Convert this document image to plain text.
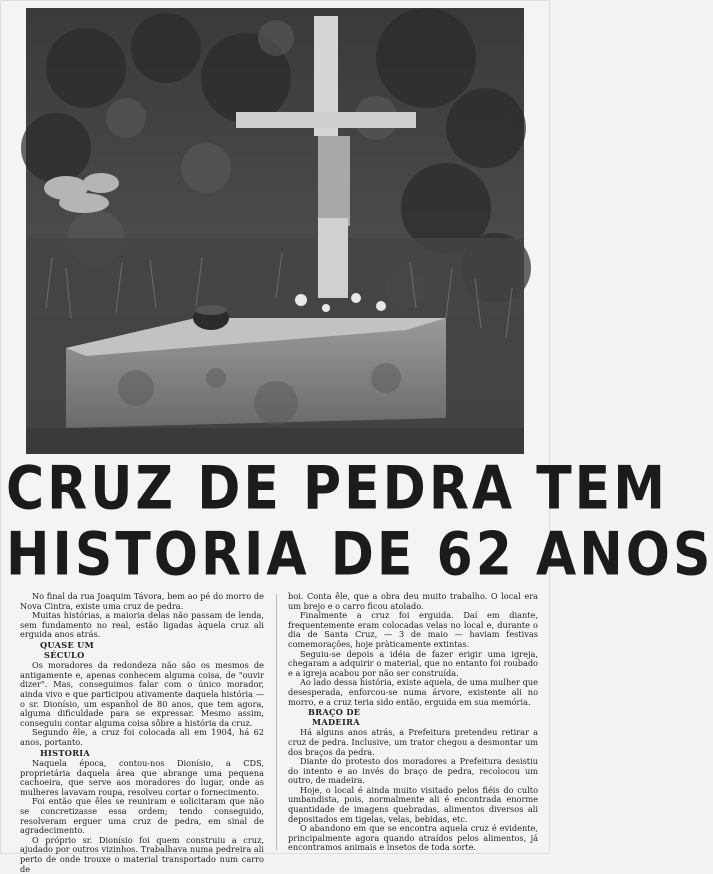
CRUZ DE PEDRA TEM
HISTORIA DE 62 ANOS

No final da rua Joaquim Távora, bem ao pé do morro de Nova Cintra, existe uma cruz de pedra.

Muitas histórias, a maioria delas não passam de lenda, sem fundamento no real, estão ligadas àquela cruz ali erguida anos atrás.

QUASE UM
SÉCULO

Os moradores da redondeza não são os mesmos de antigamente e, apenas conhecem alguma coisa, de "ouvir dizer". Mas, conseguimos falar com o único morador, ainda vivo e que participou ativamente daquela história — o sr. Dionísio, um espanhol de 80 anos, que tem agora, alguma dificuldade para se expressar. Mesmo assim, conseguiu contar alguma coisa sôbre a história da cruz.

Segundo êle, a cruz foi colocada ali em 1904, há 62 anos, portanto.

HISTORIA

Naquela época, contou-nos Dionísio, a CDS, proprietária daquela área que abrange uma pequena cachoeira, que serve aos moradores do lugar, onde as mulheres lavavam roupa, resolveu cortar o fornecimento.

Foi então que êles se reuniram e solicitaram que não se concretizasse essa ordem; tendo conseguido, resolveram erguer uma cruz de pedra, em sinal de agradecimento.

O próprio sr. Dionísio foi quem construiu a cruz, ajudado por outros vizinhos. Trabalhava numa pedreira ali perto de onde trouxe o material transportado num carro de

boi. Conta êle, que a obra deu muito trabalho. O local era um brejo e o carro ficou atolado.

Finalmente a cruz foi erguida. Daí em diante, frequentemente eram colocadas velas no local e, durante o dia de Santa Cruz, — 3 de maio — haviam festivas comemorações, hoje pràticamente extintas.

Seguiu-se depois a idéia de fazer erigir uma igreja, chegaram a adquirir o material, que no entanto foi roubado e a igreja acabou por não ser construída.

Ao lado dessa história, existe aquela, de uma mulher que desesperada, enforcou-se numa árvore, existente ali no morro, e a cruz teria sido então, erguida em sua memória.

BRAÇO DE
MADEIRA

Há alguns anos atrás, a Prefeitura pretendeu retirar a cruz de pedra. Inclusive, um trator chegou a desmontar um dos braços da pedra.

Diante do protesto dos moradores a Prefeitura desistiu do intento e ao invés do braço de pedra, recolocou um outro, de madeira.

Hoje, o local é ainda muito visitado pelos fiéis do culto umbandista, pois, normalmente ali é encontrada enorme quantidade de imagens quebradas, alimentos diversos ali depositados em tigelas, velas, bebidas, etc.

O abandono em que se encontra aquela cruz é evidente, principalmente agora quando atraídos pelos alimentos, já encontramos animais e insetos de toda sorte.
